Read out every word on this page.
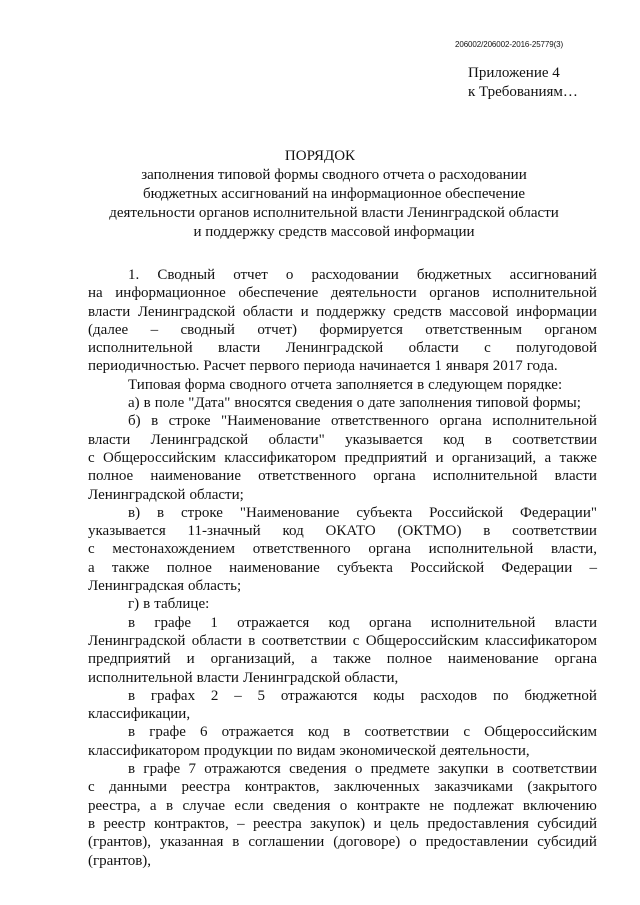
206002/206002-2016-25779(3)
Приложение 4
к Требованиям…
ПОРЯДОК
заполнения типовой формы сводного отчета о расходовании
бюджетных ассигнований на информационное обеспечение
деятельности органов исполнительной власти Ленинградской области
и поддержку средств массовой информации
1. Сводный отчет о расходовании бюджетных ассигнований
на информационное обеспечение деятельности органов исполнительной
власти Ленинградской области и поддержку средств массовой информации
(далее – сводный отчет) формируется ответственным органом
исполнительной власти Ленинградской области с полугодовой
периодичностью. Расчет первого периода начинается 1 января 2017 года.
Типовая форма сводного отчета заполняется в следующем порядке:
а) в поле "Дата" вносятся сведения о дате заполнения типовой формы;
б) в строке "Наименование ответственного органа исполнительной
власти Ленинградской области" указывается код в соответствии
с Общероссийским классификатором предприятий и организаций, а также
полное наименование ответственного органа исполнительной власти
Ленинградской области;
в) в строке "Наименование субъекта Российской Федерации"
указывается 11-значный код ОКАТО (ОКТМО) в соответствии
с местонахождением ответственного органа исполнительной власти,
а также полное наименование субъекта Российской Федерации –
Ленинградская область;
г) в таблице:
в графе 1 отражается код органа исполнительной власти
Ленинградской области в соответствии с Общероссийским классификатором
предприятий и организаций, а также полное наименование органа
исполнительной власти Ленинградской области,
в графах 2 – 5 отражаются коды расходов по бюджетной
классификации,
в графе 6 отражается код в соответствии с Общероссийским
классификатором продукции по видам экономической деятельности,
в графе 7 отражаются сведения о предмете закупки в соответствии
с данными реестра контрактов, заключенных заказчиками (закрытого
реестра, а в случае если сведения о контракте не подлежат включению
в реестр контрактов, – реестра закупок) и цель предоставления субсидий
(грантов), указанная в соглашении (договоре) о предоставлении субсидий
(грантов),
